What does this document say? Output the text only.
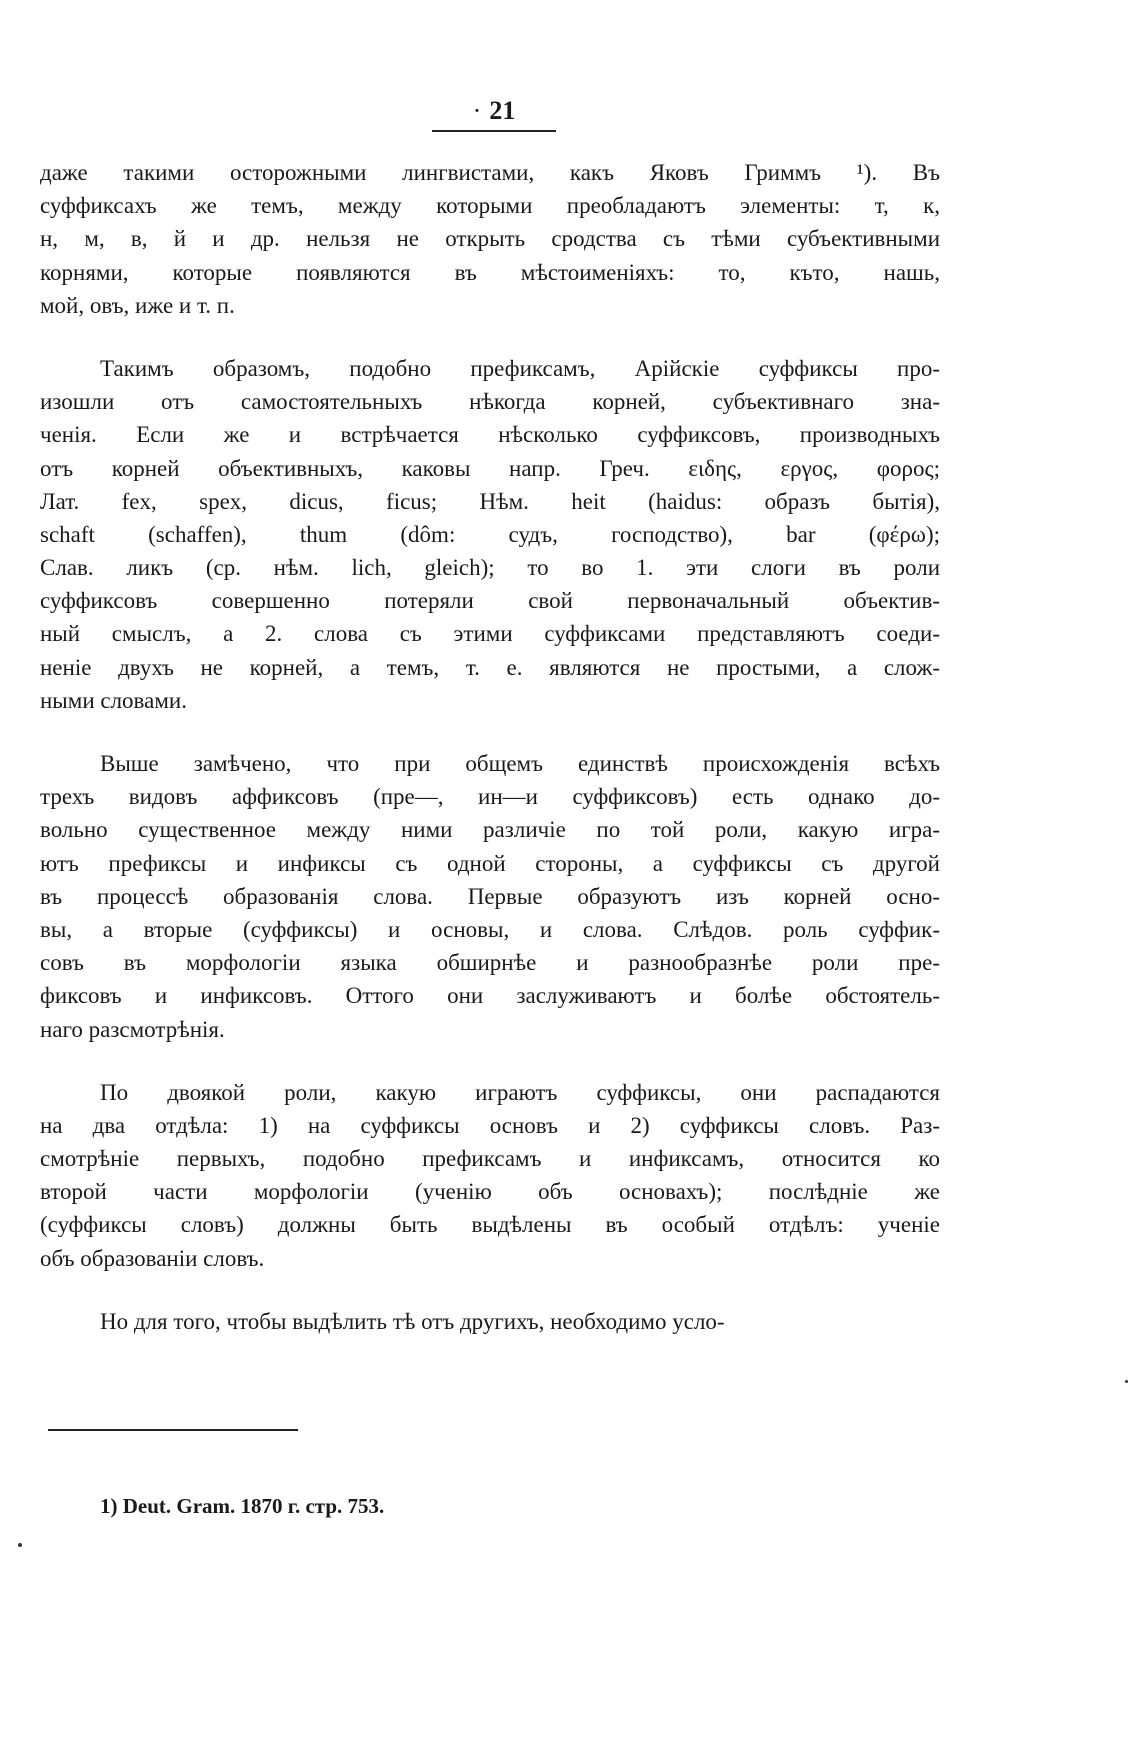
· 21
даже такими осторожными лингвистами, какъ Яковъ Гриммъ ¹). Въ
суффиксахъ же темъ, между которыми преобладаютъ элементы: т, к,
н, м, в, й и др. нельзя не открыть сродства съ тѣми субъективными
корнями, которые появляются въ мѣстоименіяхъ: то, къто, нашь,
мой, овъ, иже и т. п.
Такимъ образомъ, подобно префиксамъ, Арійскіе суффиксы про-
изошли отъ самостоятельныхъ нѣкогда корней, субъективнаго зна-
ченія. Если же и встрѣчается нѣсколько суффиксовъ, производныхъ
отъ корней объективныхъ, каковы напр. Греч. ειδης, εργος, φορος;
Лат. fex, spex, dicus, ficus; Нѣм. heit (haidus: образъ бытія),
schaft (schaffen), thum (dôm: судъ, господство), bar (φέρω);
Слав. ликъ (ср. нѣм. lich, gleich); то во 1. эти слоги въ роли
суффиксовъ совершенно потеряли свой первоначальный объектив-
ный смыслъ, а 2. слова съ этими суффиксами представляютъ соеди-
неніе двухъ не корней, а темъ, т. е. являются не простыми, а слож-
ными словами.
Выше замѣчено, что при общемъ единствѣ происхожденія всѣхъ
трехъ видовъ аффиксовъ (пре—, ин—и суффиксовъ) есть однако до-
вольно существенное между ними различіе по той роли, какую игра-
ютъ префиксы и инфиксы съ одной стороны, а суффиксы съ другой
въ процессѣ образованія слова. Первые образуютъ изъ корней осно-
вы, а вторые (суффиксы) и основы, и слова. Слѣдов. роль суффик-
совъ въ морфологіи языка обширнѣе и разнообразнѣе роли пре-
фиксовъ и инфиксовъ. Оттого они заслуживаютъ и болѣе обстоятель-
наго разсмотрѣнія.
По двоякой роли, какую играютъ суффиксы, они распадаются
на два отдѣла: 1) на суффиксы основъ и 2) суффиксы словъ. Раз-
смотрѣніе первыхъ, подобно префиксамъ и инфиксамъ, относится ко
второй части морфологіи (ученію объ основахъ); послѣдніе же
(суффиксы словъ) должны быть выдѣлены въ особый отдѣлъ: ученіе
объ образованіи словъ.
Но для того, чтобы выдѣлить тѣ отъ другихъ, необходимо усло-
1) Deut. Gram. 1870 г. стр. 753.
